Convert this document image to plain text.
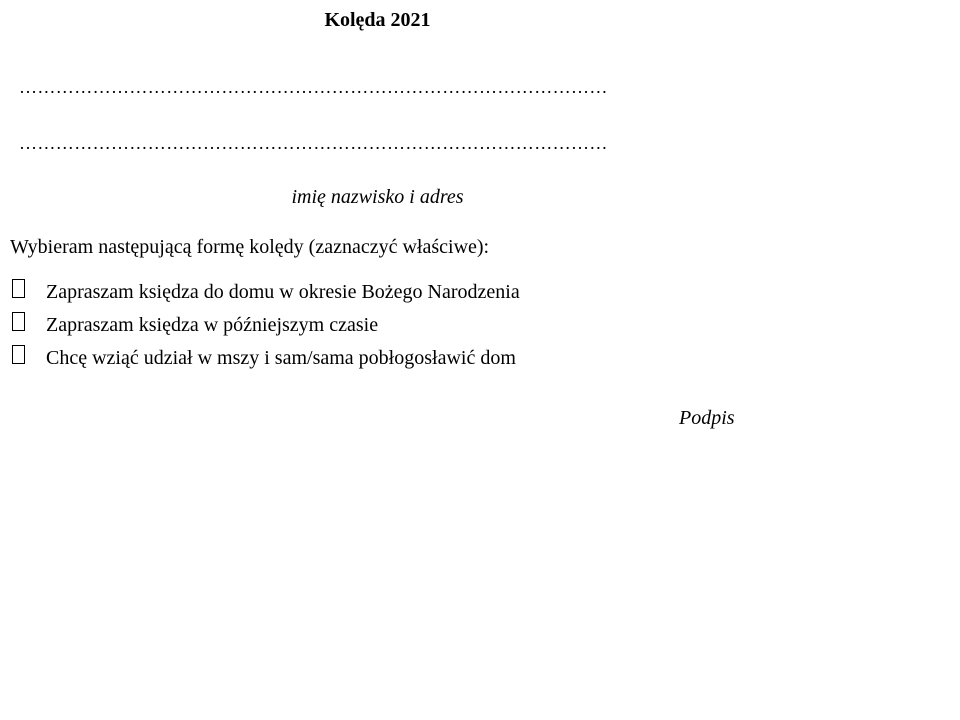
Kolęda 2021
……………………………………………………………………………………
……………………………………………………………………………………
imię nazwisko i adres
Wybieram następującą formę kolędy (zaznaczyć właściwe):
Zapraszam księdza do domu w okresie Bożego Narodzenia
Zapraszam księdza w późniejszym czasie
Chcę wziąć udział w mszy i sam/sama pobłogosławić dom
Podpis
